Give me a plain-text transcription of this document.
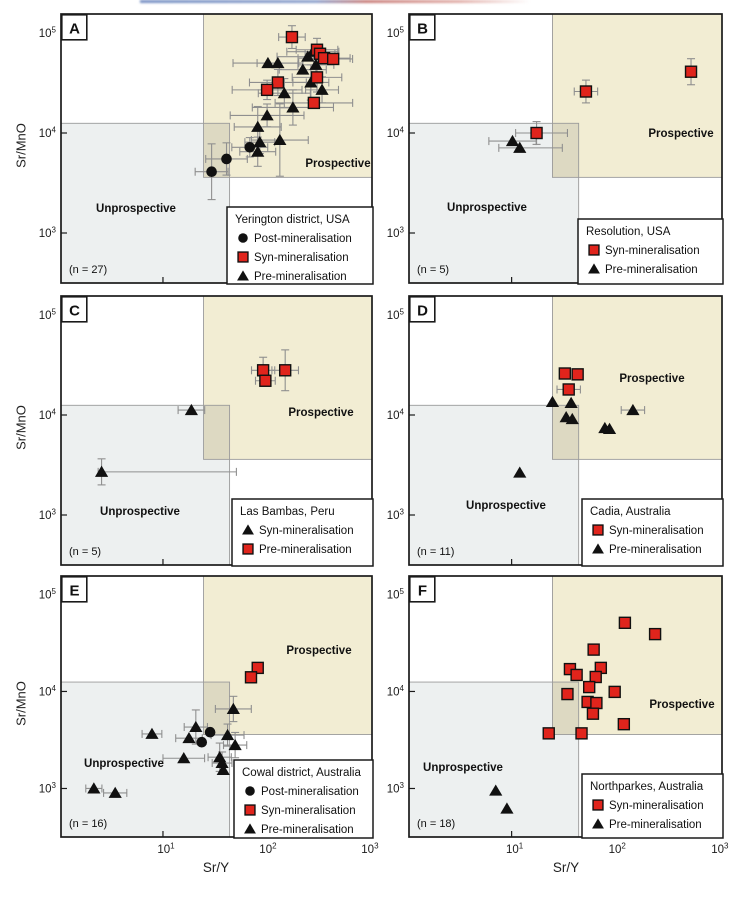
Sr/MnO
Sr/MnO
Sr/MnO
Sr/Y	Sr/Y
$10^5$
$10^4$
$10^3$
A
Prospective
Unprospective
(n = 27)
Yerington district, USA
Post-mineralisation
Syn-mineralisation
Pre-mineralisation
$10^5$
$10^4$
$10^3$
B
Prospective
Unprospective
(n = 5)
Resolution, USA
Syn-mineralisation
Pre-mineralisation
$10^5$
$10^4$
$10^3$
C
Prospective
Unprospective
(n = 5)
Las Bambas, Peru
Syn-mineralisation
Pre-mineralisation
$10^5$
$10^4$
$10^3$
D
Prospective
Unprospective
(n = 11)
Cadia, Australia
Syn-mineralisation
Pre-mineralisation
$10^5$
$10^4$
$10^3$
$10^1$	$10^2$	$10^3$
E
Prospective
Unprospective
(n = 16)
Cowal district, Australia
Post-mineralisation
Syn-mineralisation
Pre-mineralisation
$10^5$
$10^4$
$10^3$
$10^1$	$10^2$	$10^3$
F
Prospective
Unprospective
(n = 18)
Northparkes, Australia
Syn-mineralisation
Pre-mineralisation
